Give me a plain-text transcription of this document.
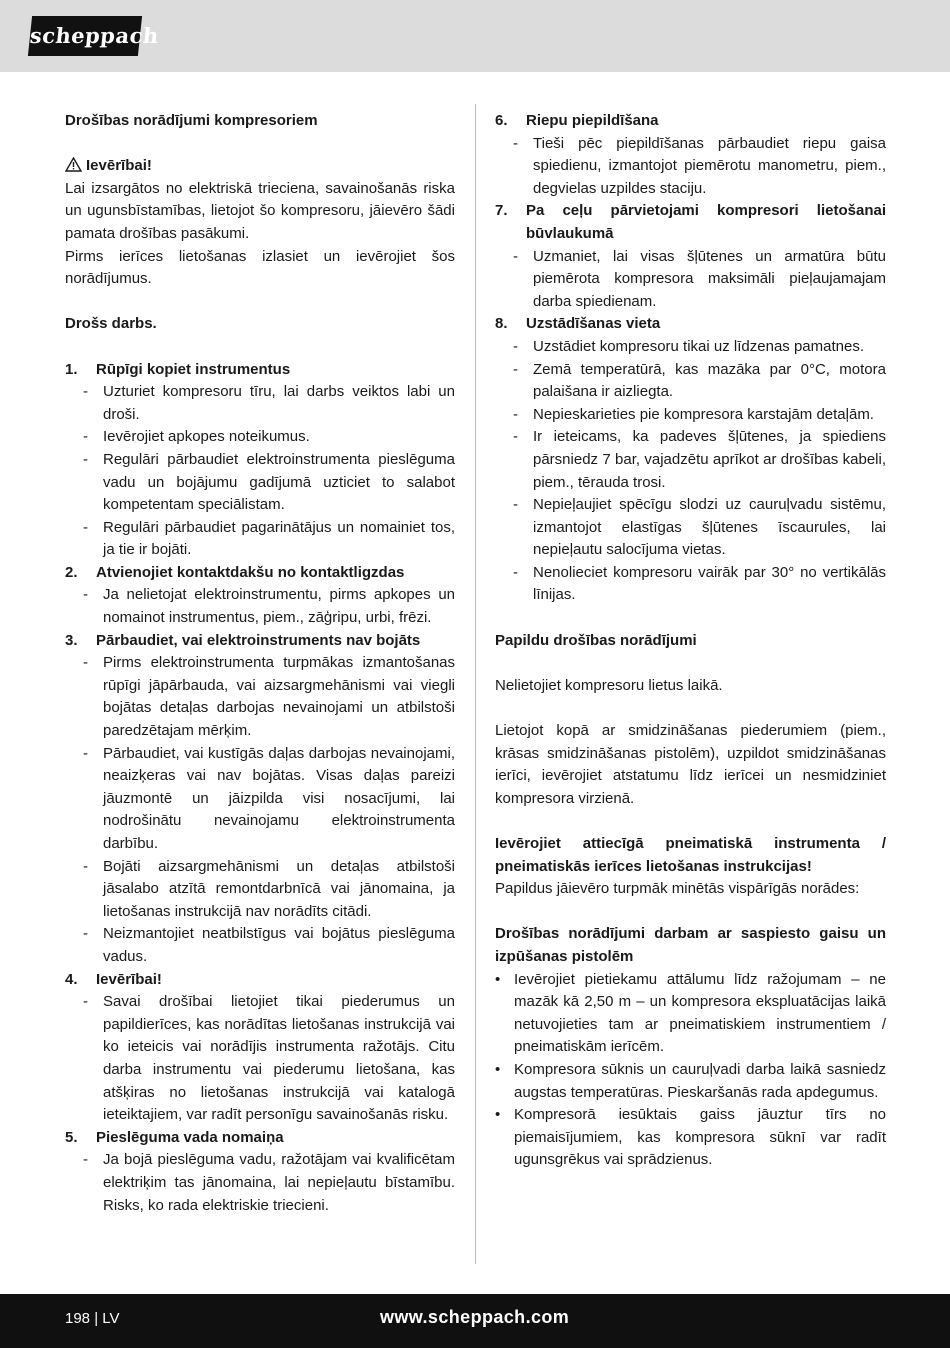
scheppach
Drošības norādījumi kompresoriem
Ievērībai!
Lai izsargātos no elektriskā trieciena, savainošanās riska un ugunsbīstamības, lietojot šo kompresoru, jāievēro šādi pamata drošības pasākumi.
Pirms ierīces lietošanas izlasiet un ievērojiet šos norādījumus.
Drošs darbs.
1. Rūpīgi kopiet instrumentus
- Uzturiet kompresoru tīru, lai darbs veiktos labi un droši.
- Ievērojiet apkopes noteikumus.
- Regulāri pārbaudiet elektroinstrumenta pieslēguma vadu un bojājumu gadījumā uzticiet to salabot kompetentam speciālistam.
- Regulāri pārbaudiet pagarinātājus un nomainiet tos, ja tie ir bojāti.
2. Atvienojiet kontaktdakšu no kontaktligzdas
- Ja nelietojat elektroinstrumentu, pirms apkopes un nomainot instrumentus, piem., zāģripu, urbi, frēzi.
3. Pārbaudiet, vai elektroinstruments nav bojāts
- Pirms elektroinstrumenta turpmākas izmantošanas rūpīgi jāpārbauda, vai aizsargmehānismi vai viegli bojātas detaļas darbojas nevainojami un atbilstoši paredzētajam mērķim.
- Pārbaudiet, vai kustīgās daļas darbojas nevainojami, neaizķeras vai nav bojātas. Visas daļas pareizi jāuzmontē un jāizpilda visi nosacījumi, lai nodrošinātu nevainojamu elektroinstrumenta darbību.
- Bojāti aizsargmehānismi un detaļas atbilstoši jāsalabo atzītā remontdarbnīcā vai jānomaina, ja lietošanas instrukcijā nav norādīts citādi.
- Neizmantojiet neatbilstīgus vai bojātus pieslēguma vadus.
4. Ievērībai!
- Savai drošībai lietojiet tikai piederumus un papildierīces, kas norādītas lietošanas instrukcijā vai ko ieteicis vai norādījis instrumenta ražotājs. Citu darba instrumentu vai piederumu lietošana, kas atšķiras no lietošanas instrukcijā vai katalogā ieteiktajiem, var radīt personīgu savainošanās risku.
5. Pieslēguma vada nomaiņa
- Ja bojā pieslēguma vadu, ražotājam vai kvalificētam elektriķim tas jānomaina, lai nepieļautu bīstamību. Risks, ko rada elektriskie triecieni.
6. Riepu piepildīšana
- Tieši pēc piepildīšanas pārbaudiet riepu gaisa spiedienu, izmantojot piemērotu manometru, piem., degvielas uzpildes staciju.
7. Pa ceļu pārvietojami kompresori lietošanai būvlaukumā
- Uzmaniet, lai visas šļūtenes un armatūra būtu piemērota kompresora maksimāli pieļaujamajam darba spiedienam.
8. Uzstādīšanas vieta
- Uzstādiet kompresoru tikai uz līdzenas pamatnes.
- Zemā temperatūrā, kas mazāka par 0°C, motora palaišana ir aizliegta.
- Nepieskarieties pie kompresora karstajām detaļām.
- Ir ieteicams, ka padeves šļūtenes, ja spiediens pārsniedz 7 bar, vajadzētu aprīkot ar drošības kabeli, piem., tērauda trosi.
- Nepieļaujiet spēcīgu slodzi uz cauruļvadu sistēmu, izmantojot elastīgas šļūtenes īscaurules, lai nepieļautu salocījuma vietas.
- Nenolieciet kompresoru vairāk par 30° no vertikālās līnijas.
Papildu drošības norādījumi
Nelietojiet kompresoru lietus laikā.
Lietojot kopā ar smidzināšanas piederumiem (piem., krāsas smidzināšanas pistolēm), uzpildot smidzināšanas ierīci, ievērojiet atstatumu līdz ierīcei un nesmidziniet kompresora virzienā.
Ievērojiet attiecīgā pneimatiskā instrumenta / pneimatiskās ierīces lietošanas instrukcijas!
Papildus jāievēro turpmāk minētās vispārīgās norādes:
Drošības norādījumi darbam ar saspiesto gaisu un izpūšanas pistolēm
• Ievērojiet pietiekamu attālumu līdz ražojumam – ne mazāk kā 2,50 m – un kompresora ekspluatācijas laikā netuvojieties tam ar pneimatiskiem instrumentiem / pneimatiskām ierīcēm.
• Kompresora sūknis un cauruļvadi darba laikā sasniedz augstas temperatūras. Pieskaršanās rada apdegumus.
• Kompresorā iesūktais gaiss jāuztur tīrs no piemaisījumiem, kas kompresora sūknī var radīt ugunsgrēkus vai sprādzienus.
198 | LV	www.scheppach.com
